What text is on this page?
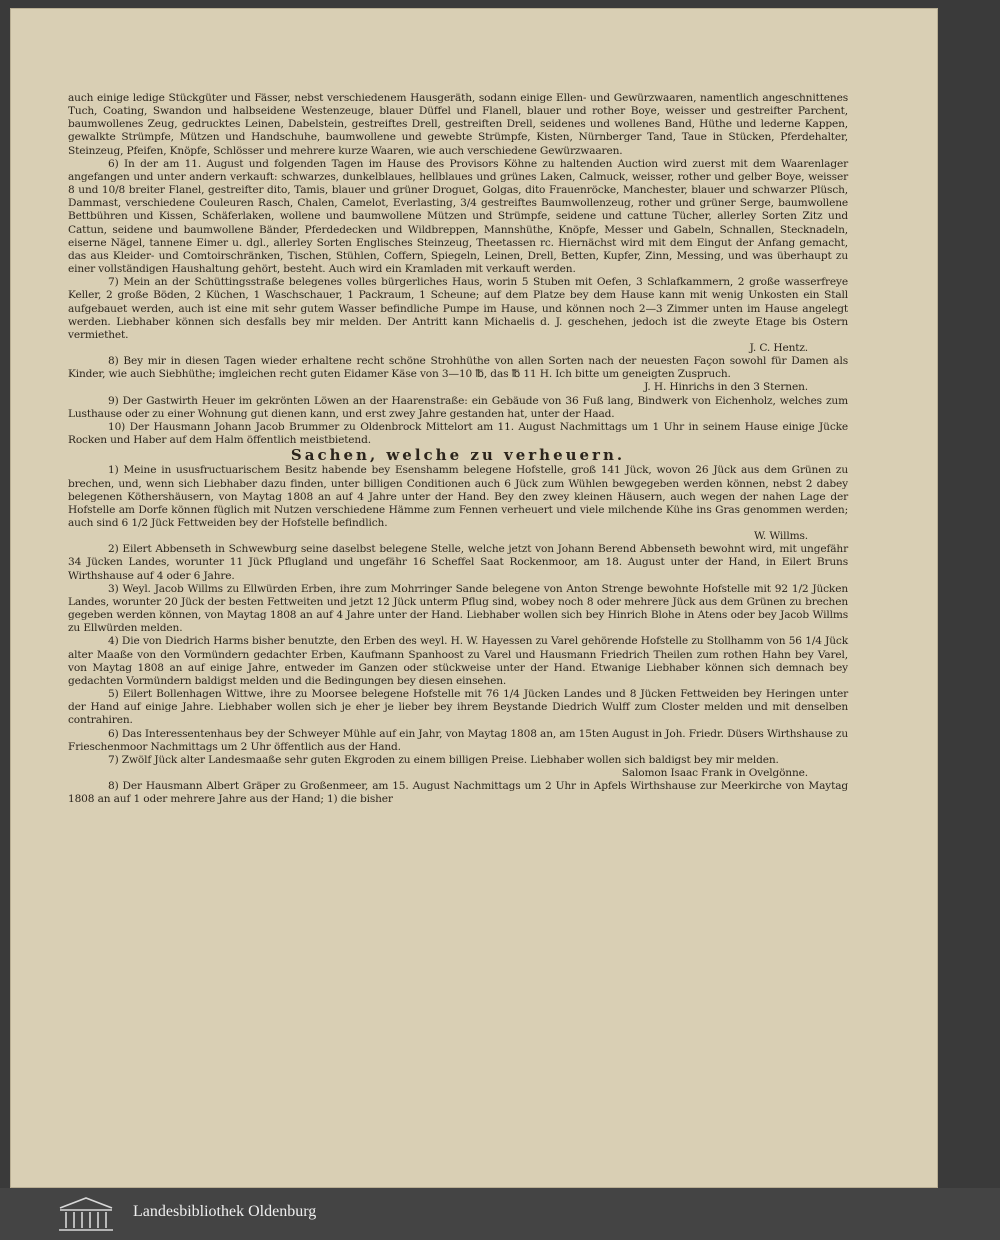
auch einige ledige Stückgüter und Fässer, nebst verschiedenem Hausgeräth, sodann einige Ellen- und Gewürzwaaren, namentlich angeschnittenes Tuch, Coating, Swandon und halbseidene Westenzeuge, blauer Düffel und Flanell, blauer und rother Boye, weisser und gestreifter Parchent, baumwollenes Zeug, gedrucktes Leinen, Dabelstein, gestreiftes Drell, gestreiften Drell, seidenes und wollenes Band, Hüthe und lederne Kappen, gewalkte Strümpfe, Mützen und Handschuhe, baumwollene und gewebte Strümpfe, Kisten, Nürnberger Tand, Taue in Stücken, Pferdehalter, Steinzeug, Pfeifen, Knöpfe, Schlösser und mehrere kurze Waaren, wie auch verschiedene Gewürzwaaren.

6) In der am 11. August und folgenden Tagen im Hause des Provisors Köhne zu haltenden Auction wird zuerst mit dem Waarenlager angefangen und unter andern verkauft: schwarzes, dunkelblaues, hellblaues und grünes Laken, Calmuck, weisser, rother und gelber Boye, weisser 8 und 10/8 breiter Flanel, gestreifter dito, Tamis, blauer und grüner Droguet, Golgas, dito Frauenröcke, Manchester, blauer und schwarzer Plüsch, Dammast, verschiedene Couleuren Rasch, Chalen, Camelot, Everlasting, 3/4 gestreiftes Baumwollenzeug, rother und grüner Serge, baumwollene Bettbühren und Kissen, Schäferlaken, wollene und baumwollene Mützen und Strümpfe, seidene und cattune Tücher, allerley Sorten Zitz und Cattun, seidene und baumwollene Bänder, Pferdedecken und Wildbreppen, Mannshüthe, Knöpfe, Messer und Gabeln, Schnallen, Stecknadeln, eiserne Nägel, tannene Eimer u. dgl., allerley Sorten Englisches Steinzeug, Theetassen rc. Hiernächst wird mit dem Eingut der Anfang gemacht, das aus Kleider- und Comtoirschränken, Tischen, Stühlen, Coffern, Spiegeln, Leinen, Drell, Betten, Kupfer, Zinn, Messing, und was überhaupt zu einer vollständigen Haushaltung gehört, besteht. Auch wird ein Kramladen mit verkauft werden.

7) Mein an der Schüttingsstraße belegenes volles bürgerliches Haus, worin 5 Stuben mit Oefen, 3 Schlafkammern, 2 große wasserfreye Keller, 2 große Böden, 2 Küchen, 1 Waschschauer, 1 Packraum, 1 Scheune; auf dem Platze bey dem Hause kann mit wenig Unkosten ein Stall aufgebauet werden, auch ist eine mit sehr gutem Wasser befindliche Pumpe im Hause, und können noch 2—3 Zimmer unten im Hause angelegt werden. Liebhaber können sich desfalls bey mir melden. Der Antritt kann Michaelis d. J. geschehen, jedoch ist die zweyte Etage bis Ostern vermiethet.

J. C. Hentz.

8) Bey mir in diesen Tagen wieder erhaltene recht schöne Strohhüthe von allen Sorten nach der neuesten Façon sowohl für Damen als Kinder, wie auch Siebhüthe; imgleichen recht guten Eidamer Käse von 3—10 ℔, das ℔ 11 H. Ich bitte um geneigten Zuspruch.

J. H. Hinrichs in den 3 Sternen.

9) Der Gastwirth Heuer im gekrönten Löwen an der Haarenstraße: ein Gebäude von 36 Fuß lang, Bindwerk von Eichenholz, welches zum Lusthause oder zu einer Wohnung gut dienen kann, und erst zwey Jahre gestanden hat, unter der Haad.

10) Der Hausmann Johann Jacob Brummer zu Oldenbrock Mittelort am 11. August Nachmittags um 1 Uhr in seinem Hause einige Jücke Rocken und Haber auf dem Halm öffentlich meistbietend.

Sachen, welche zu verheuern.

1) Meine in ususfructuarischem Besitz habende bey Esenshamm belegene Hofstelle, groß 141 Jück, wovon 26 Jück aus dem Grünen zu brechen, und, wenn sich Liebhaber dazu finden, unter billigen Conditionen auch 6 Jück zum Wühlen bewgegeben werden können, nebst 2 dabey belegenen Köthershäusern, von Maytag 1808 an auf 4 Jahre unter der Hand. Bey den zwey kleinen Häusern, auch wegen der nahen Lage der Hofstelle am Dorfe können füglich mit Nutzen verschiedene Hämme zum Fennen verheuert und viele milchende Kühe ins Gras genommen werden; auch sind 6 1/2 Jück Fettweiden bey der Hofstelle befindlich.

W. Willms.

2) Eilert Abbenseth in Schwewburg seine daselbst belegene Stelle, welche jetzt von Johann Berend Abbenseth bewohnt wird, mit ungefähr 34 Jücken Landes, worunter 11 Jück Pflugland und ungefähr 16 Scheffel Saat Rockenmoor, am 18. August unter der Hand, in Eilert Bruns Wirthshause auf 4 oder 6 Jahre.

3) Weyl. Jacob Willms zu Ellwürden Erben, ihre zum Mohrringer Sande belegene von Anton Strenge bewohnte Hofstelle mit 92 1/2 Jücken Landes, worunter 20 Jück der besten Fettweiten und jetzt 12 Jück unterm Pflug sind, wobey noch 8 oder mehrere Jück aus dem Grünen zu brechen gegeben werden können, von Maytag 1808 an auf 4 Jahre unter der Hand. Liebhaber wollen sich bey Hinrich Blohe in Atens oder bey Jacob Willms zu Ellwürden melden.

4) Die von Diedrich Harms bisher benutzte, den Erben des weyl. H. W. Hayessen zu Varel gehörende Hofstelle zu Stollhamm von 56 1/4 Jück alter Maaße von den Vormündern gedachter Erben, Kaufmann Spanhoost zu Varel und Hausmann Friedrich Theilen zum rothen Hahn bey Varel, von Maytag 1808 an auf einige Jahre, entweder im Ganzen oder stückweise unter der Hand. Etwanige Liebhaber können sich demnach bey gedachten Vormündern baldigst melden und die Bedingungen bey diesen einsehen.

5) Eilert Bollenhagen Wittwe, ihre zu Moorsee belegene Hofstelle mit 76 1/4 Jücken Landes und 8 Jücken Fettweiden bey Heringen unter der Hand auf einige Jahre. Liebhaber wollen sich je eher je lieber bey ihrem Beystande Diedrich Wulff zum Closter melden und mit denselben contrahiren.

6) Das Interessentenhaus bey der Schweyer Mühle auf ein Jahr, von Maytag 1808 an, am 15ten August in Joh. Friedr. Düsers Wirthshause zu Frieschenmoor Nachmittags um 2 Uhr öffentlich aus der Hand.

7) Zwölf Jück alter Landesmaaße sehr guten Ekgroden zu einem billigen Preise. Liebhaber wollen sich baldigst bey mir melden.

Salomon Isaac Frank in Ovelgönne.

8) Der Hausmann Albert Gräper zu Großenmeer, am 15. August Nachmittags um 2 Uhr in Apfels Wirthshause zur Meerkirche von Maytag 1808 an auf 1 oder mehrere Jahre aus der Hand; 1) die bisher

Landesbibliothek Oldenburg
